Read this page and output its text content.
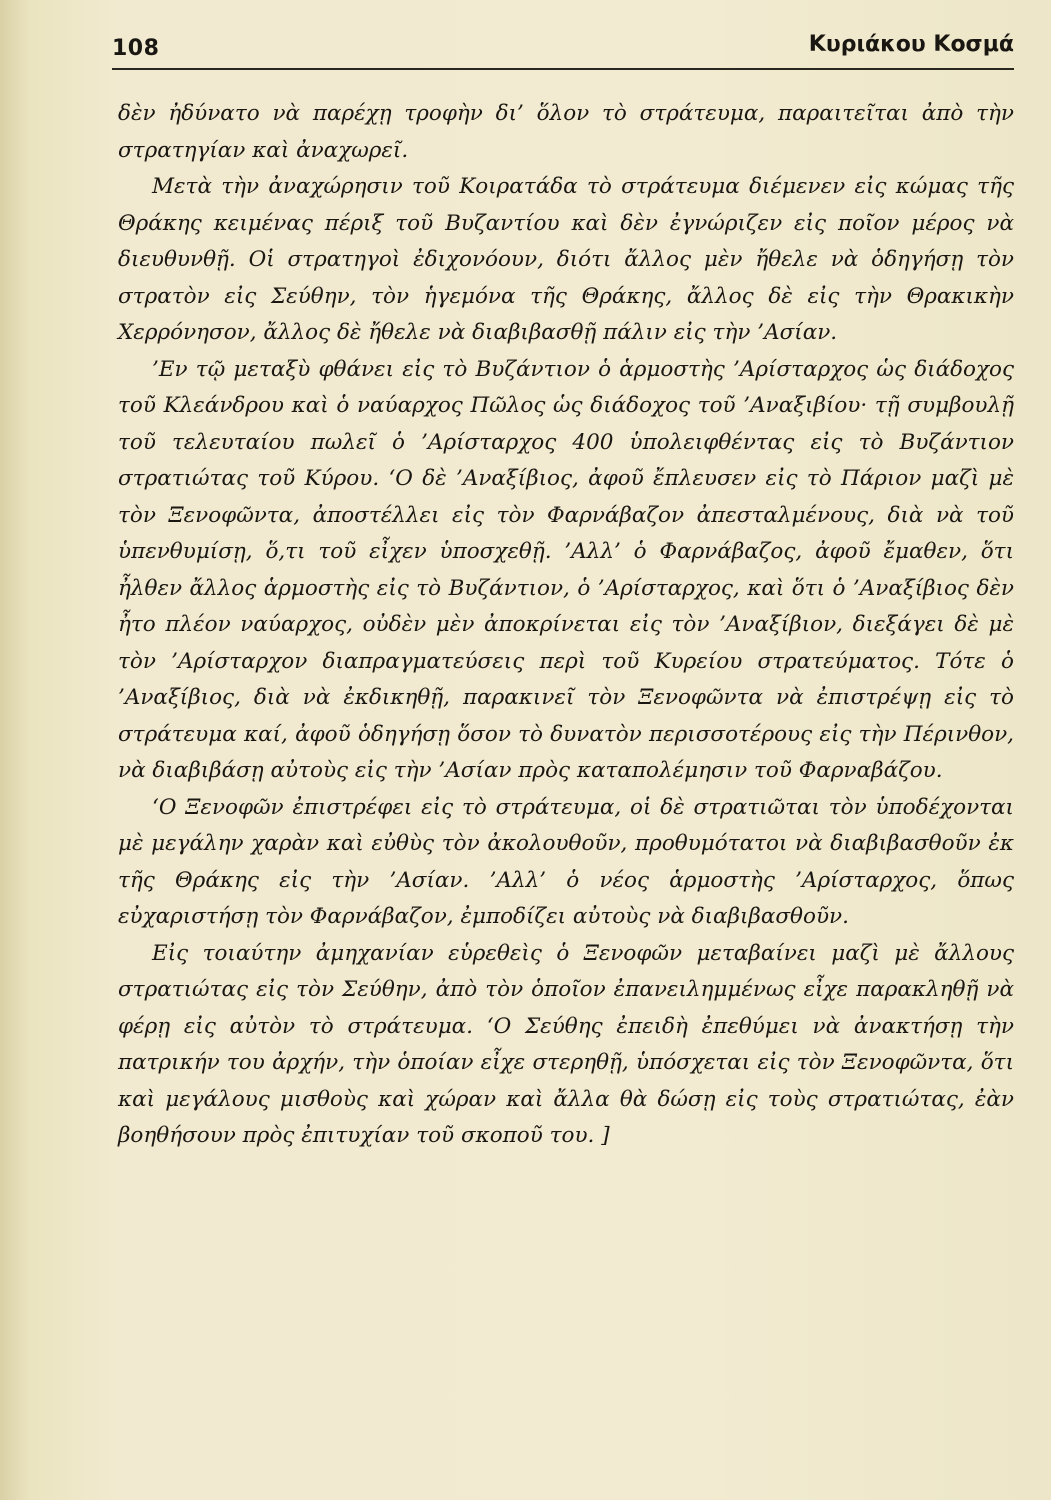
108	Κυριάκου Κοσμά

δὲν ἠδύνατο νὰ παρέχῃ τροφὴν δι’ ὅλον τὸ στράτευμα, παραιτεῖται ἀπὸ τὴν στρατηγίαν καὶ ἀναχωρεῖ.

Μετὰ τὴν ἀναχώρησιν τοῦ Κοιρατάδα τὸ στράτευμα διέμενεν εἰς κώμας τῆς Θράκης κειμένας πέριξ τοῦ Βυζαντίου καὶ δὲν ἐγνώριζεν εἰς ποῖον μέρος νὰ διευθυνθῇ. Οἱ στρατηγοὶ ἐδιχονόουν, διότι ἄλλος μὲν ἤθελε νὰ ὁδηγήσῃ τὸν στρατὸν εἰς Σεύθην, τὸν ἡγεμόνα τῆς Θράκης, ἄλλος δὲ εἰς τὴν Θρακικὴν Χερρόνησον, ἄλλος δὲ ἤθελε νὰ διαβιβασθῇ πάλιν εἰς τὴν ’Ασίαν.

’Εν τῷ μεταξὺ φθάνει εἰς τὸ Βυζάντιον ὁ ἁρμοστὴς ’Αρίσταρχος ὡς διάδοχος τοῦ Κλεάνδρου καὶ ὁ ναύαρχος Πῶλος ὡς διάδοχος τοῦ ’Αναξιβίου· τῇ συμβουλῇ τοῦ τελευταίου πωλεῖ ὁ ’Αρίσταρχος 400 ὑπολειφθέντας εἰς τὸ Βυζάντιον στρατιώτας τοῦ Κύρου. ‘Ο δὲ ’Αναξίβιος, ἀφοῦ ἔπλευσεν εἰς τὸ Πάριον μαζὶ μὲ τὸν Ξενοφῶντα, ἀποστέλλει εἰς τὸν Φαρνάβαζον ἀπεσταλμένους, διὰ νὰ τοῦ ὑπενθυμίσῃ, ὅ,τι τοῦ εἶχεν ὑποσχεθῇ. ’Αλλ’ ὁ Φαρνάβαζος, ἀφοῦ ἔμαθεν, ὅτι ἦλθεν ἄλλος ἁρμοστὴς εἰς τὸ Βυζάντιον, ὁ ’Αρίσταρχος, καὶ ὅτι ὁ ’Αναξίβιος δὲν ἦτο πλέον ναύαρχος, οὐδὲν μὲν ἀποκρίνεται εἰς τὸν ’Αναξίβιον, διεξάγει δὲ μὲ τὸν ’Αρίσταρχον διαπραγματεύσεις περὶ τοῦ Κυρείου στρατεύματος. Τότε ὁ ’Αναξίβιος, διὰ νὰ ἐκδικηθῇ, παρακινεῖ τὸν Ξενοφῶντα νὰ ἐπιστρέψῃ εἰς τὸ στράτευμα καί, ἀφοῦ ὁδηγήσῃ ὅσον τὸ δυνατὸν περισσοτέρους εἰς τὴν Πέρινθον, νὰ διαβιβάσῃ αὐτοὺς εἰς τὴν ’Ασίαν πρὸς καταπολέμησιν τοῦ Φαρναβάζου.

‘Ο Ξενοφῶν ἐπιστρέφει εἰς τὸ στράτευμα, οἱ δὲ στρατιῶται τὸν ὑποδέχονται μὲ μεγάλην χαρὰν καὶ εὐθὺς τὸν ἀκολουθοῦν, προθυμότατοι νὰ διαβιβασθοῦν ἐκ τῆς Θράκης εἰς τὴν ’Ασίαν. ’Αλλ’ ὁ νέος ἁρμοστὴς ’Αρίσταρχος, ὅπως εὐχαριστήσῃ τὸν Φαρνάβαζον, ἐμποδίζει αὐτοὺς νὰ διαβιβασθοῦν.

Εἰς τοιαύτην ἀμηχανίαν εὑρεθεὶς ὁ Ξενοφῶν μεταβαίνει μαζὶ μὲ ἄλλους στρατιώτας εἰς τὸν Σεύθην, ἀπὸ τὸν ὁποῖον ἐπανειλημμένως εἶχε παρακληθῇ νὰ φέρῃ εἰς αὐτὸν τὸ στράτευμα. ‘Ο Σεύθης ἐπειδὴ ἐπεθύμει νὰ ἀνακτήσῃ τὴν πατρικήν του ἀρχήν, τὴν ὁποίαν εἶχε στερηθῇ, ὑπόσχεται εἰς τὸν Ξενοφῶντα, ὅτι καὶ μεγάλους μισθοὺς καὶ χώραν καὶ ἄλλα θὰ δώσῃ εἰς τοὺς στρατιώτας, ἐὰν βοηθήσουν πρὸς ἐπιτυχίαν τοῦ σκοποῦ του. ]
